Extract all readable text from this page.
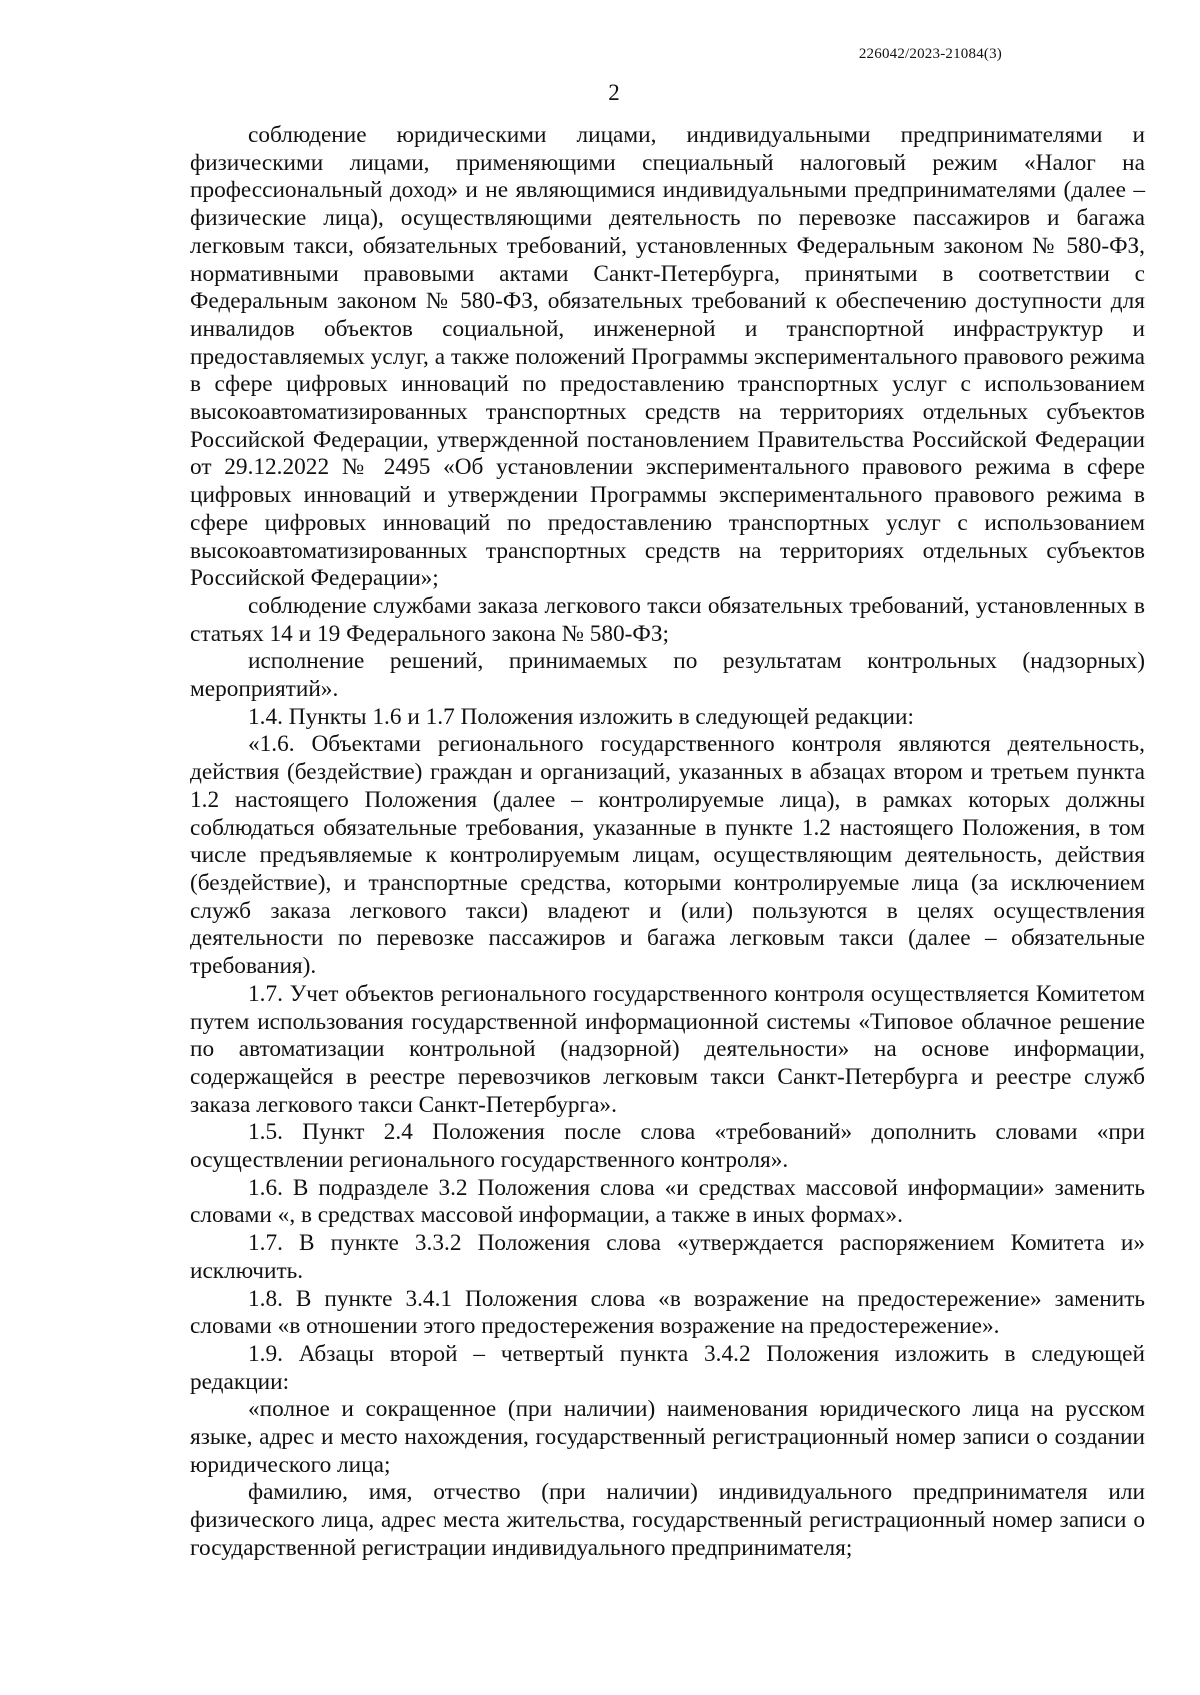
226042/2023-21084(3)
2

соблюдение юридическими лицами, индивидуальными предпринимателями и физическими лицами, применяющими специальный налоговый режим «Налог на профессиональный доход» и не являющимися индивидуальными предпринимателями (далее – физические лица), осуществляющими деятельность по перевозке пассажиров и багажа легковым такси, обязательных требований, установленных Федеральным законом № 580-ФЗ, нормативными правовыми актами Санкт-Петербурга, принятыми в соответствии с Федеральным законом № 580-ФЗ, обязательных требований к обеспечению доступности для инвалидов объектов социальной, инженерной и транспортной инфраструктур и предоставляемых услуг, а также положений Программы экспериментального правового режима в сфере цифровых инноваций по предоставлению транспортных услуг с использованием высокоавтоматизированных транспортных средств на территориях отдельных субъектов Российской Федерации, утвержденной постановлением Правительства Российской Федерации от 29.12.2022 № 2495 «Об установлении экспериментального правового режима в сфере цифровых инноваций и утверждении Программы экспериментального правового режима в сфере цифровых инноваций по предоставлению транспортных услуг с использованием высокоавтоматизированных транспортных средств на территориях отдельных субъектов Российской Федерации»;

соблюдение службами заказа легкового такси обязательных требований, установленных в статьях 14 и 19 Федерального закона № 580-ФЗ;

исполнение решений, принимаемых по результатам контрольных (надзорных) мероприятий».

1.4. Пункты 1.6 и 1.7 Положения изложить в следующей редакции:

«1.6. Объектами регионального государственного контроля являются деятельность, действия (бездействие) граждан и организаций, указанных в абзацах втором и третьем пункта 1.2 настоящего Положения (далее – контролируемые лица), в рамках которых должны соблюдаться обязательные требования, указанные в пункте 1.2 настоящего Положения, в том числе предъявляемые к контролируемым лицам, осуществляющим деятельность, действия (бездействие), и транспортные средства, которыми контролируемые лица (за исключением служб заказа легкового такси) владеют и (или) пользуются в целях осуществления деятельности по перевозке пассажиров и багажа легковым такси (далее – обязательные требования).

1.7. Учет объектов регионального государственного контроля осуществляется Комитетом путем использования государственной информационной системы «Типовое облачное решение по автоматизации контрольной (надзорной) деятельности» на основе информации, содержащейся в реестре перевозчиков легковым такси Санкт-Петербурга и реестре служб заказа легкового такси Санкт-Петербурга».

1.5. Пункт 2.4 Положения после слова «требований» дополнить словами «при осуществлении регионального государственного контроля».

1.6. В подразделе 3.2 Положения слова «и средствах массовой информации» заменить словами «, в средствах массовой информации, а также в иных формах».

1.7. В пункте 3.3.2 Положения слова «утверждается распоряжением Комитета и» исключить.

1.8. В пункте 3.4.1 Положения слова «в возражение на предостережение» заменить словами «в отношении этого предостережения возражение на предостережение».

1.9. Абзацы второй – четвертый пункта 3.4.2 Положения изложить в следующей редакции:

«полное и сокращенное (при наличии) наименования юридического лица на русском языке, адрес и место нахождения, государственный регистрационный номер записи о создании юридического лица;

фамилию, имя, отчество (при наличии) индивидуального предпринимателя или физического лица, адрес места жительства, государственный регистрационный номер записи о государственной регистрации индивидуального предпринимателя;
